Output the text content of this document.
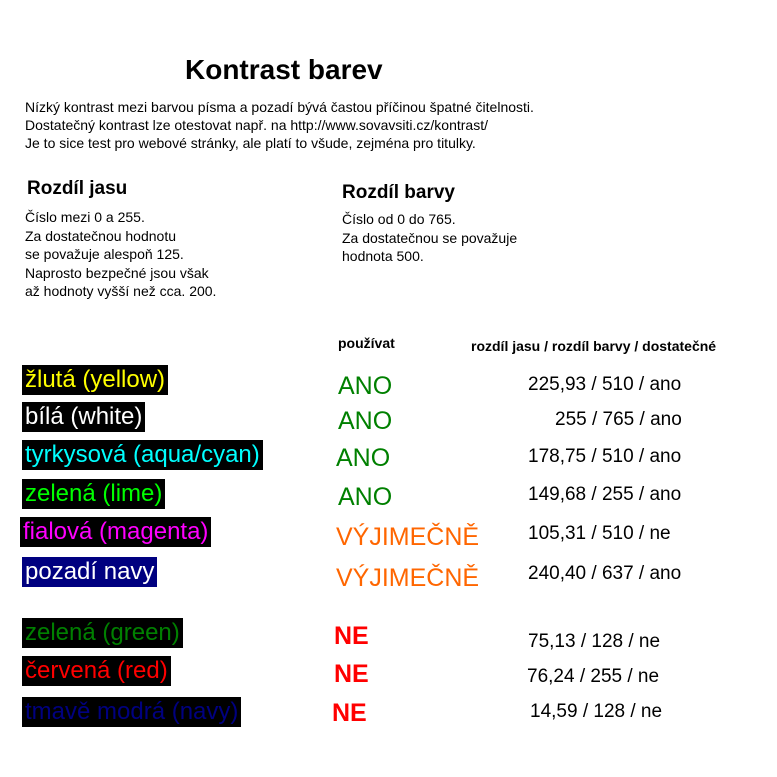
Kontrast barev
Nízký kontrast mezi barvou písma a pozadí bývá častou příčinou špatné čitelnosti.
Dostatečný kontrast lze otestovat např. na http://www.sovavsiti.cz/kontrast/
Je to sice test pro webové stránky, ale platí to všude, zejména pro titulky.
Rozdíl jasu
Číslo mezi 0 a 255.
Za dostatečnou hodnotu
se považuje alespoň 125.
Naprosto bezpečné jsou však
až hodnoty vyšší než cca. 200.
Rozdíl barvy
Číslo od 0 do 765.
Za dostatečnou se považuje
hodnota 500.
používat	rozdíl jasu / rozdíl barvy / dostatečné
žlutá (yellow)	ANO	225,93 / 510 / ano
bílá (white)	ANO	255 / 765 / ano
tyrkysová (aqua/cyan)	ANO	178,75 / 510 / ano
zelená (lime)	ANO	149,68 / 255 / ano
fialová (magenta)	VÝJIMEČNĚ	105,31 / 510 / ne
pozadí navy	VÝJIMEČNĚ	240,40 / 637 / ano
zelená (green)	NE	75,13 / 128 / ne
červená (red)	NE	76,24 / 255 / ne
tmavě modrá (navy)	NE	14,59 / 128 / ne
